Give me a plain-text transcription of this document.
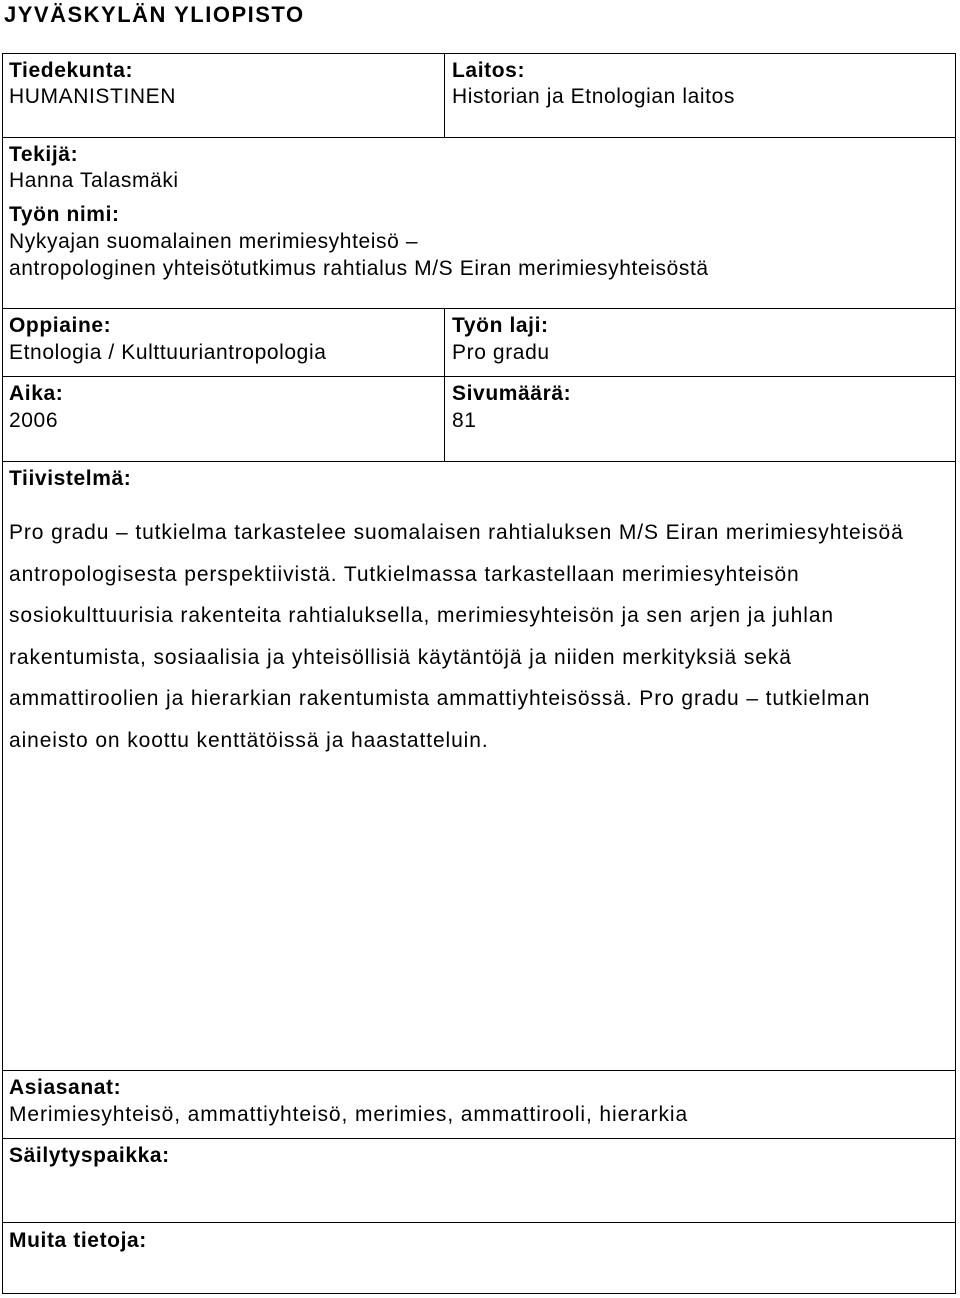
JYVÄSKYLÄN YLIOPISTO
Tiedekunta:
HUMANISTINEN
Laitos:
Historian ja Etnologian laitos
Tekijä:
Hanna Talasmäki
Työn nimi:
Nykyajan suomalainen merimiesyhteisö –
antropologinen yhteisötutkimus rahtialus M/S Eiran merimiesyhteisöstä
Oppiaine:
Etnologia / Kulttuuriantropologia
Työn laji:
Pro gradu
Aika:
2006
Sivumäärä:
81
Tiivistelmä:
Pro gradu – tutkielma tarkastelee suomalaisen rahtialuksen M/S Eiran merimiesyhteisöä antropologisesta perspektiivistä. Tutkielmassa tarkastellaan merimiesyhteisön sosiokulttuurisia rakenteita rahtialuksella, merimiesyhteisön ja sen arjen ja juhlan rakentumista, sosiaalisia ja yhteisöllisiä käytäntöjä ja niiden merkityksiä sekä ammattiroolien ja hierarkian rakentumista ammattiyhteisössä. Pro gradu – tutkielman aineisto on koottu kenttätöissä ja haastatteluin.
Asiasanat:
Merimiesyhteisö, ammattiyhteisö, merimies, ammattirooli, hierarkia
Säilytyspaikka:
Muita tietoja:
